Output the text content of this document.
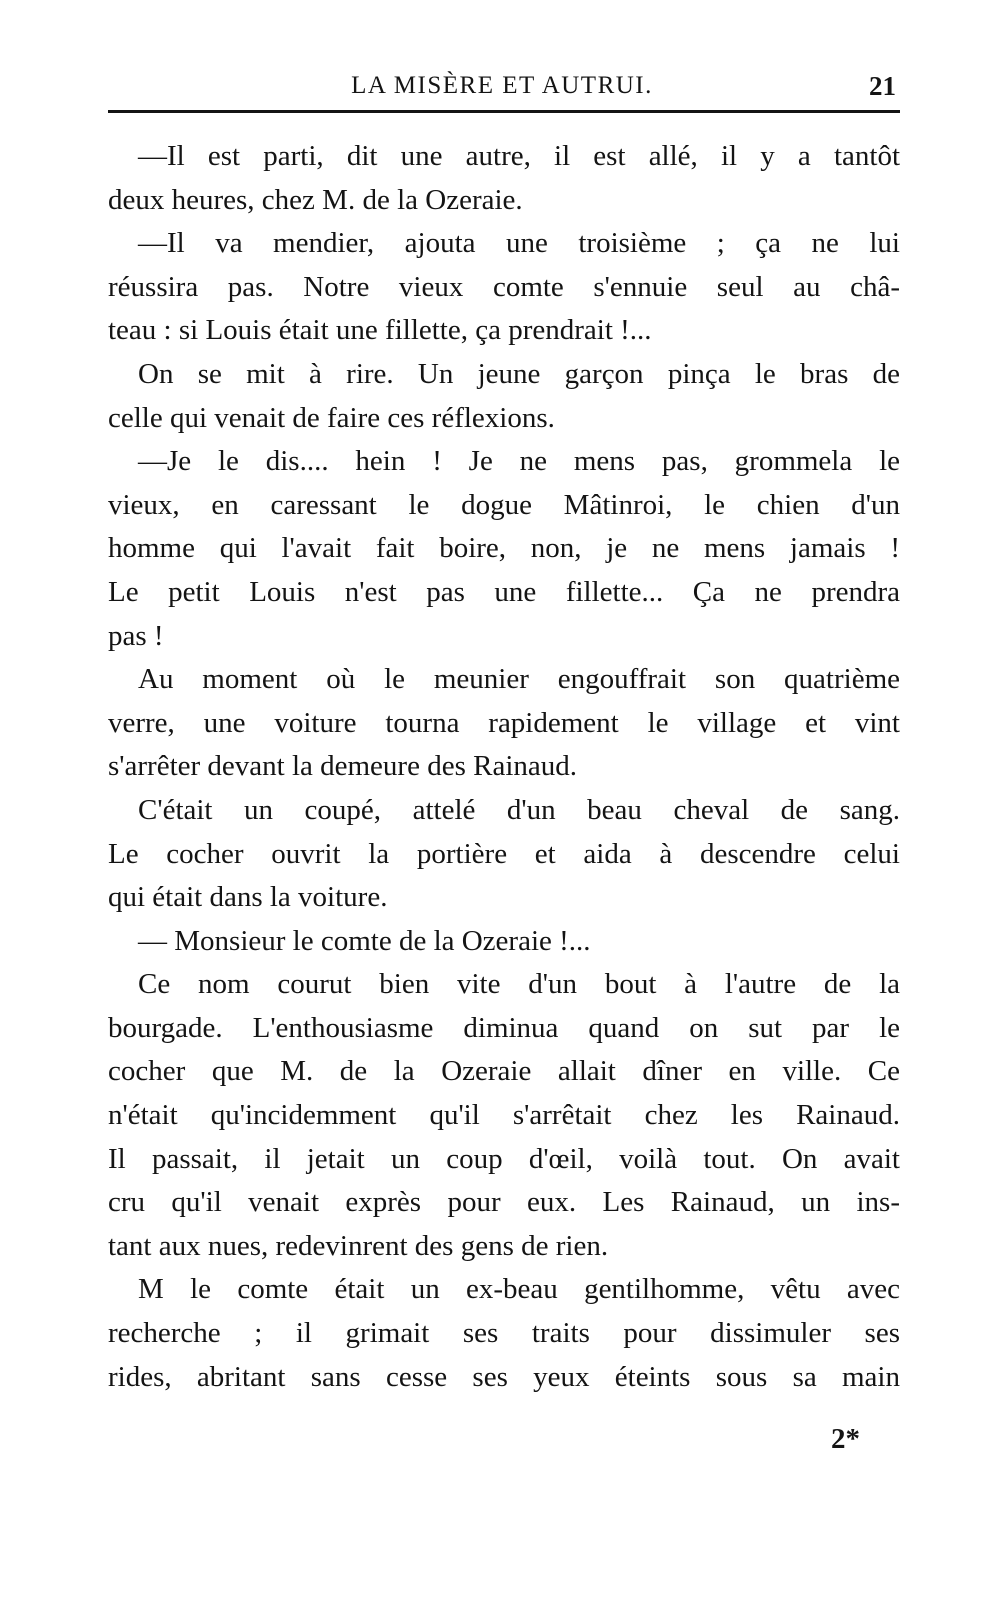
LA MISÈRE ET AUTRUI.	21
—Il est parti, dit une autre, il est allé, il y a tantôt
deux heures, chez M. de la Ozeraie.
—Il va mendier, ajouta une troisième ; ça ne lui
réussira pas. Notre vieux comte s'ennuie seul au châ-
teau : si Louis était une fillette, ça prendrait !...
On se mit à rire. Un jeune garçon pinça le bras de
celle qui venait de faire ces réflexions.
—Je le dis.... hein ! Je ne mens pas, grommela le
vieux, en caressant le dogue Mâtinroi, le chien d'un
homme qui l'avait fait boire, non, je ne mens jamais !
Le petit Louis n'est pas une fillette... Ça ne prendra
pas !
Au moment où le meunier engouffrait son quatrième
verre, une voiture tourna rapidement le village et vint
s'arrêter devant la demeure des Rainaud.
C'était un coupé, attelé d'un beau cheval de sang.
Le cocher ouvrit la portière et aida à descendre celui
qui était dans la voiture.
— Monsieur le comte de la Ozeraie !...
Ce nom courut bien vite d'un bout à l'autre de la
bourgade. L'enthousiasme diminua quand on sut par le
cocher que M. de la Ozeraie allait dîner en ville. Ce
n'était qu'incidemment qu'il s'arrêtait chez les Rainaud.
Il passait, il jetait un coup d'œil, voilà tout. On avait
cru qu'il venait exprès pour eux. Les Rainaud, un ins-
tant aux nues, redevinrent des gens de rien.
M le comte était un ex-beau gentilhomme, vêtu avec
recherche ; il grimait ses traits pour dissimuler ses
rides, abritant sans cesse ses yeux éteints sous sa main
2*
